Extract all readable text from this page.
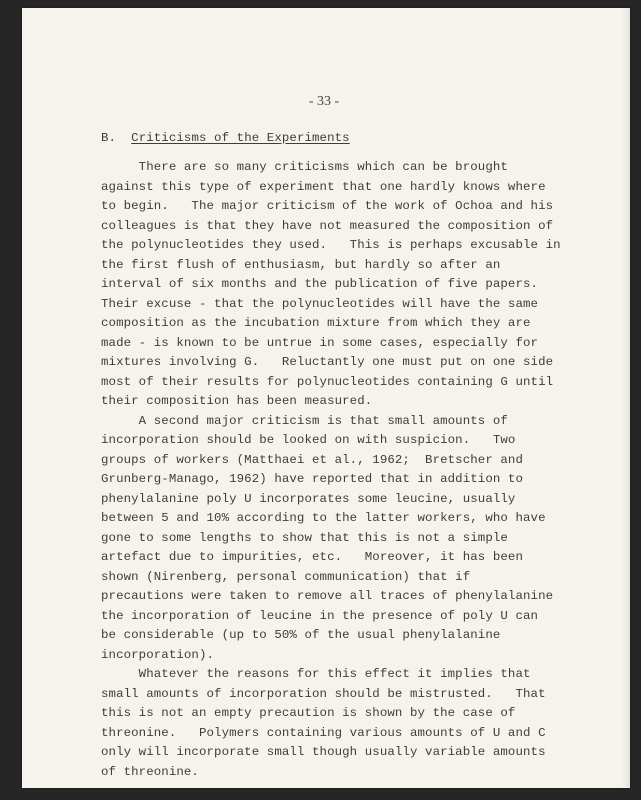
- 33 -
B. Criticisms of the Experiments
There are so many criticisms which can be brought
against this type of experiment that one hardly knows where
to begin.   The major criticism of the work of Ochoa and his
colleagues is that they have not measured the composition of
the polynucleotides they used.   This is perhaps excusable in
the first flush of enthusiasm, but hardly so after an
interval of six months and the publication of five papers.
Their excuse - that the polynucleotides will have the same
composition as the incubation mixture from which they are
made - is known to be untrue in some cases, especially for
mixtures involving G.   Reluctantly one must put on one side
most of their results for polynucleotides containing G until
their composition has been measured.
A second major criticism is that small amounts of
incorporation should be looked on with suspicion.   Two
groups of workers (Matthaei et al., 1962;  Bretscher and
Grunberg-Manago, 1962) have reported that in addition to
phenylalanine poly U incorporates some leucine, usually
between 5 and 10% according to the latter workers, who have
gone to some lengths to show that this is not a simple
artefact due to impurities, etc.   Moreover, it has been
shown (Nirenberg, personal communication) that if
precautions were taken to remove all traces of phenylalanine
the incorporation of leucine in the presence of poly U can
be considerable (up to 50% of the usual phenylalanine
incorporation).
Whatever the reasons for this effect it implies that
small amounts of incorporation should be mistrusted.   That
this is not an empty precaution is shown by the case of
threonine.   Polymers containing various amounts of U and C
only will incorporate small though usually variable amounts
of threonine.
